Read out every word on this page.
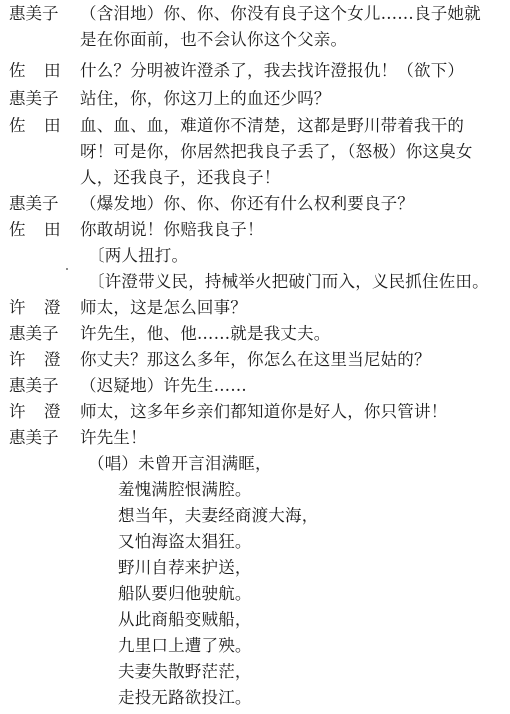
惠美子	（含泪地）你、你、你没有良子这个女儿……良子她就
是在你面前，也不会认你这个父亲。
佐 田 什么？分明被许澄杀了，我去找许澄报仇！（欲下）
惠美子	站住，你，你这刀上的血还少吗？
佐 田 血、血、血，难道你不清楚，这都是野川带着我干的
呀！可是你，你居然把我良子丢了，（怒极）你这臭女
人，还我良子，还我良子！
惠美子	（爆发地）你、你、你还有什么权利要良子？
佐 田 你敢胡说！你赔我良子！
〔两人扭打。
〔许澄带义民，持械举火把破门而入，义民抓住佐田。
许 澄 师太，这是怎么回事？
惠美子	许先生，他、他……就是我丈夫。
许 澄 你丈夫？那这么多年，你怎么在这里当尼姑的？
惠美子	（迟疑地）许先生……
许 澄 师太，这多年乡亲们都知道你是好人，你只管讲！
惠美子	许先生！
（唱）未曾开言泪满眶，
羞愧满腔恨满腔。
想当年，夫妻经商渡大海，
又怕海盗太猖狂。
野川自荐来护送，
船队要归他驶航。
从此商船变贼船，
九里口上遭了殃。
夫妻失散野茫茫，
走投无路欲投江。
